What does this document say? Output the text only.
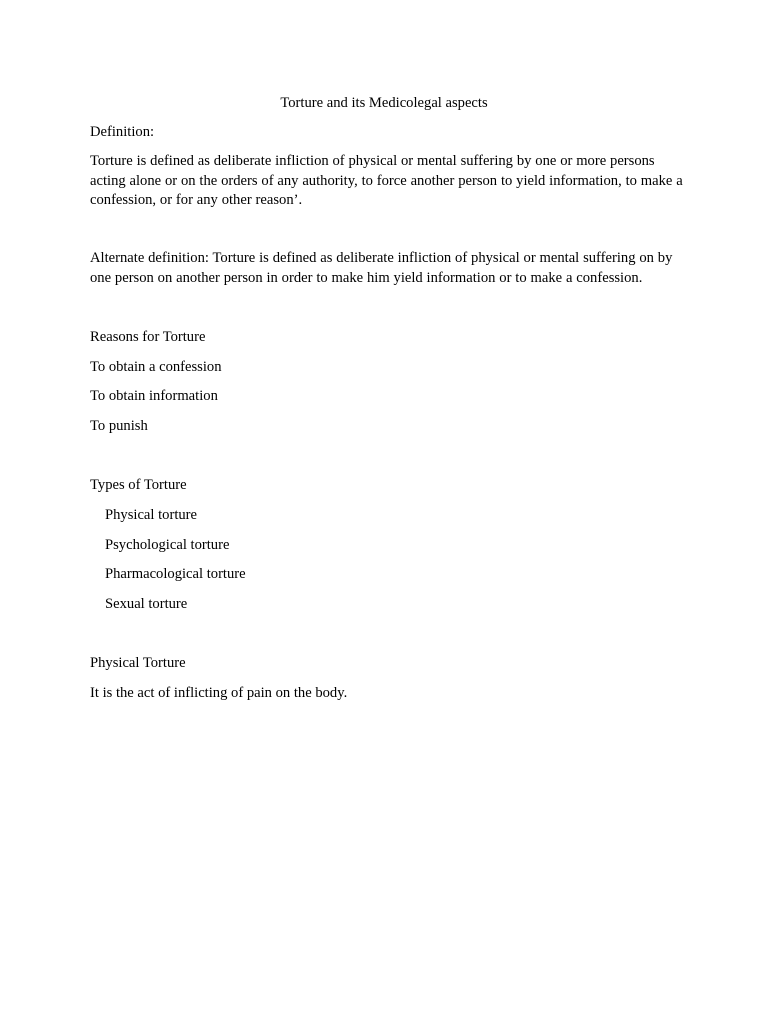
Torture and its Medicolegal aspects
Definition:
Torture is defined as deliberate infliction of physical or mental suffering by one or more persons acting alone or on the orders of any authority, to force another person to yield information, to make a confession, or for any other reason’.
Alternate definition: Torture is defined as deliberate infliction of physical or mental suffering on by one person on another person in order to make him yield information or to make a confession.
Reasons for Torture
To obtain a confession
To obtain information
To punish
Types of Torture
Physical torture
Psychological torture
Pharmacological torture
Sexual torture
Physical Torture
It is the act of inflicting of pain on the body.
